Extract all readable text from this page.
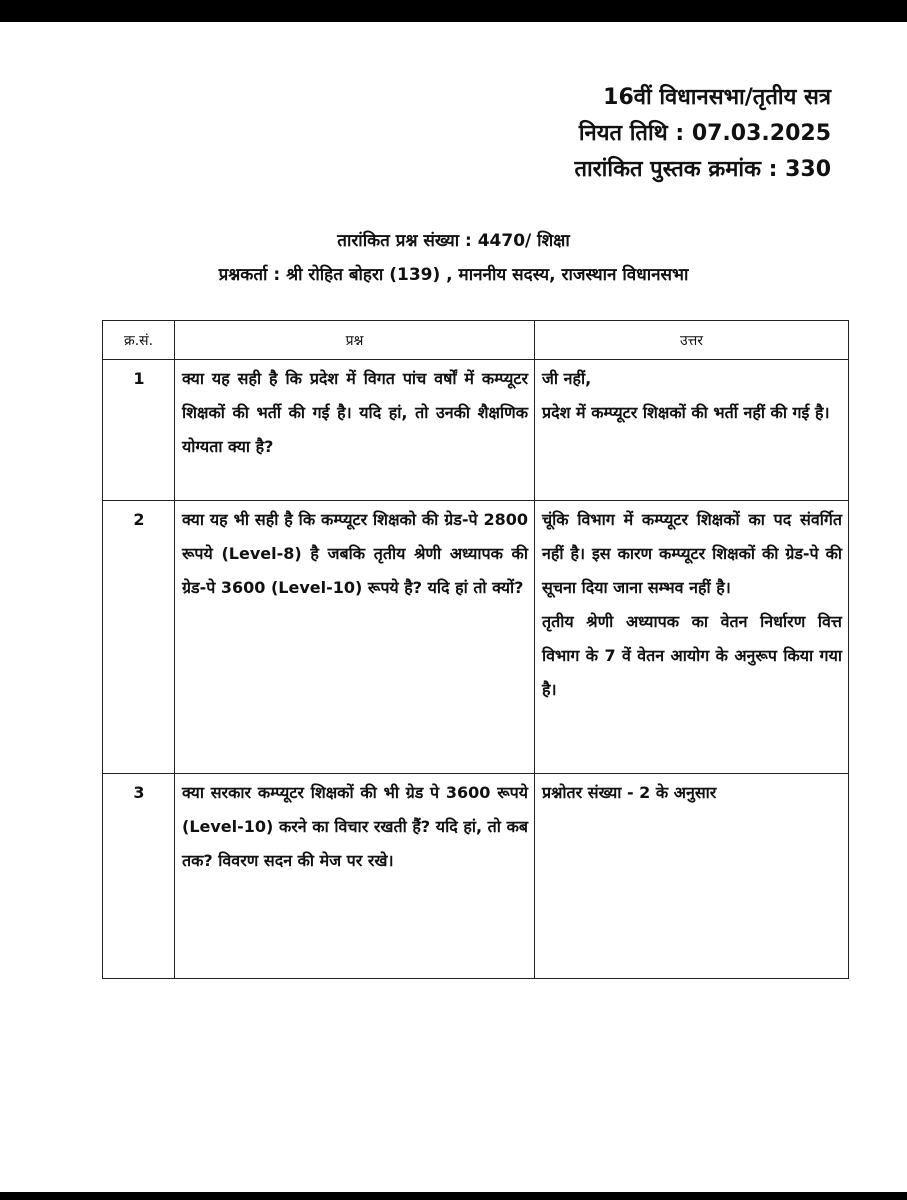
16वीं विधानसभा/तृतीय सत्र
नियत तिथि : 07.03.2025
तारांकित पुस्तक क्रमांक : 330
तारांकित प्रश्न संख्या : 4470/ शिक्षा
प्रश्नकर्ता : श्री रोहित बोहरा (139) , माननीय सदस्य, राजस्थान विधानसभा
क्र.सं.	प्रश्न	उत्तर
1	क्या यह सही है कि प्रदेश में विगत पांच वर्षों में कम्प्यूटर शिक्षकों की भर्ती की गई है। यदि हां, तो उनकी शैक्षणिक योग्यता क्या है?	जी नहीं,
प्रदेश में कम्प्यूटर शिक्षकों की भर्ती नहीं की गई है।

2	क्या यह भी सही है कि कम्प्यूटर शिक्षको की ग्रेड-पे 2800 रूपये (Level-8) है जबकि तृतीय श्रेणी अध्यापक की ग्रेड-पे 3600 (Level-10) रूपये है? यदि हां तो क्यों?	चूंकि विभाग में कम्प्यूटर शिक्षकों का पद संवर्गित नहीं है। इस कारण कम्प्यूटर शिक्षकों की ग्रेड-पे की सूचना दिया जाना सम्भव नहीं है।
तृतीय श्रेणी अध्यापक का वेतन निर्धारण वित्त विभाग के 7 वें वेतन आयोग के अनुरूप किया गया है।

3	क्या सरकार कम्प्यूटर शिक्षकों की भी ग्रेड पे 3600 रूपये (Level-10) करने का विचार रखती हैं? यदि हां, तो कब तक? विवरण सदन की मेज पर रखे।	प्रश्नोतर संख्या - 2 के अनुसार
